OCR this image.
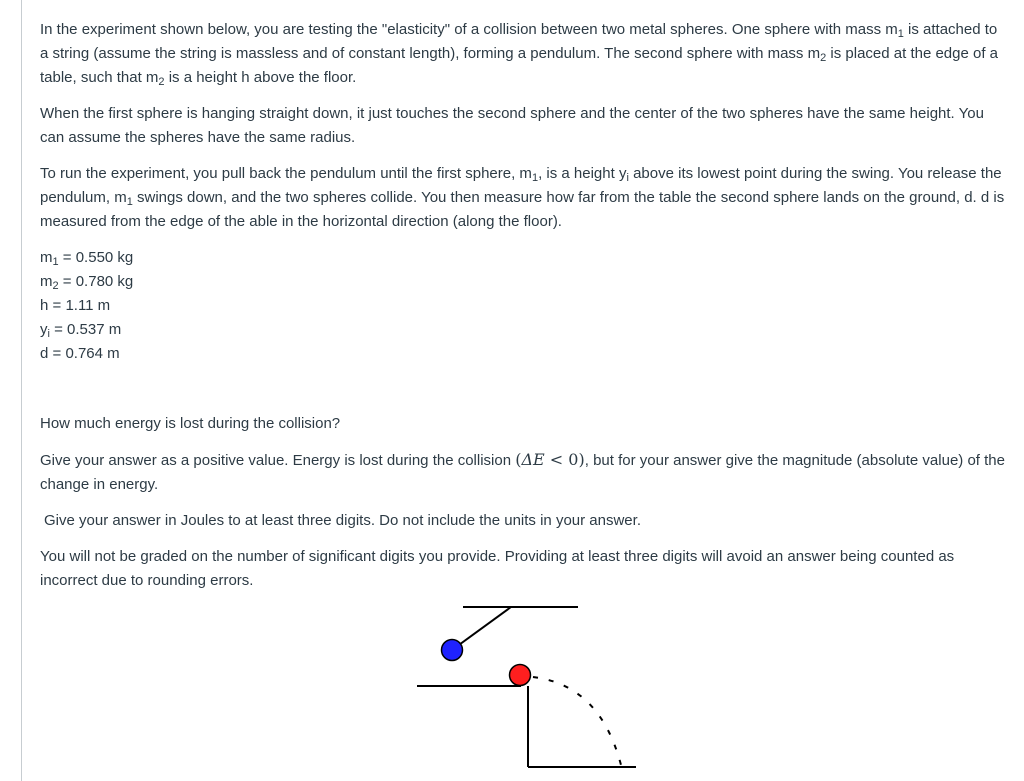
In the experiment shown below, you are testing the "elasticity" of a collision between two metal spheres. One sphere with mass $m_1$ is attached to a string (assume the string is massless and of constant length), forming a pendulum. The second sphere with mass $m_2$ is placed at the edge of a table, such that $m_2$ is a height h above the floor.

When the first sphere is hanging straight down, it just touches the second sphere and the center of the two spheres have the same height. You can assume the spheres have the same radius.

To run the experiment, you pull back the pendulum until the first sphere, $m_1$, is a height $y_i$ above its lowest point during the swing. You release the pendulum, $m_1$ swings down, and the two spheres collide. You then measure how far from the table the second sphere lands on the ground, d. d is measured from the edge of the able in the horizontal direction (along the floor).

$m_1 = 0.550$ kg
$m_2 = 0.780$ kg
h = 1.11 m
$y_i = 0.537$ m
d = 0.764 m

How much energy is lost during the collision?

Give your answer as a positive value. Energy is lost during the collision (ΔE < 0), but for your answer give the magnitude (absolute value) of the change in energy.

Give your answer in Joules to at least three digits. Do not include the units in your answer.

You will not be graded on the number of significant digits you provide. Providing at least three digits will avoid an answer being counted as incorrect due to rounding errors.
